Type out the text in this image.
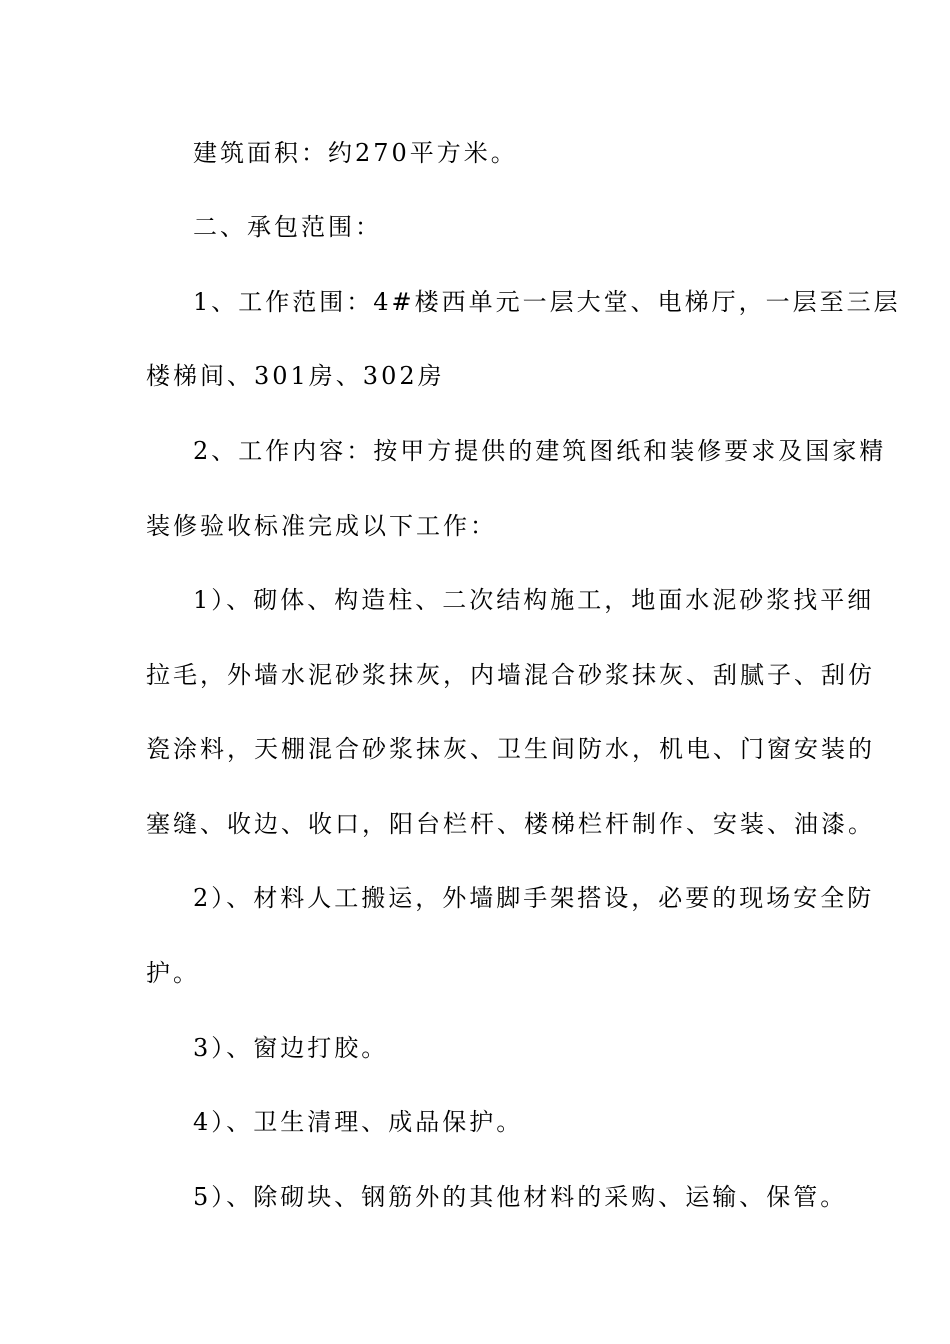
建筑面积：约270平方米。
二、承包范围：
1、工作范围：4#楼西单元一层大堂、电梯厅，一层至三层
楼梯间、301房、302房
2、工作内容：按甲方提供的建筑图纸和装修要求及国家精
装修验收标准完成以下工作：
1）、砌体、构造柱、二次结构施工，地面水泥砂浆找平细
拉毛，外墙水泥砂浆抹灰，内墙混合砂浆抹灰、刮腻子、刮仿
瓷涂料，天棚混合砂浆抹灰、卫生间防水，机电、门窗安装的
塞缝、收边、收口，阳台栏杆、楼梯栏杆制作、安装、油漆。
2）、材料人工搬运，外墙脚手架搭设，必要的现场安全防
护。
3）、窗边打胶。
4）、卫生清理、成品保护。
5）、除砌块、钢筋外的其他材料的采购、运输、保管。
